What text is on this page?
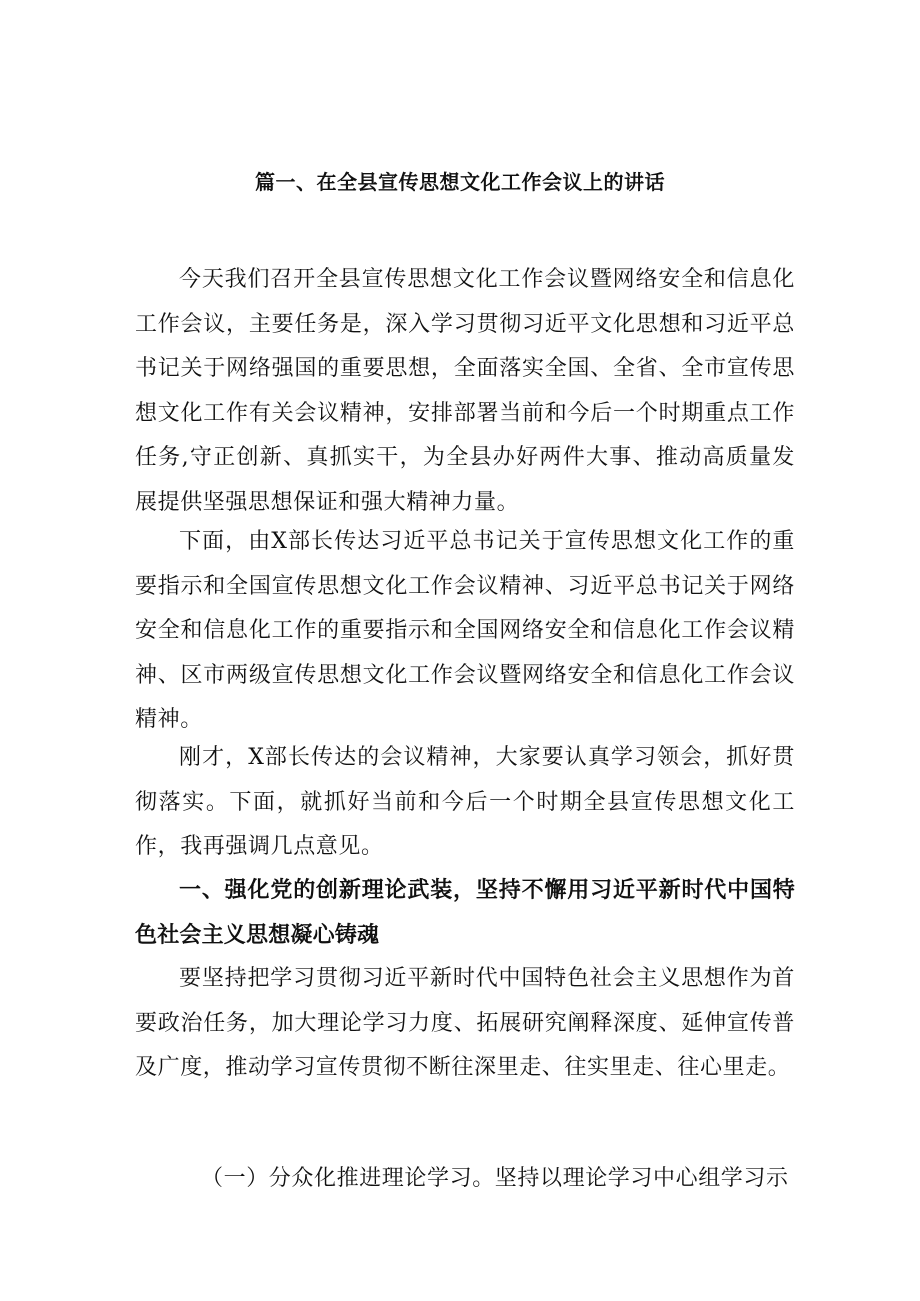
篇一、在全县宣传思想文化工作会议上的讲话

今天我们召开全县宣传思想文化工作会议暨网络安全和信息化工作会议，主要任务是，深入学习贯彻习近平文化思想和习近平总书记关于网络强国的重要思想，全面落实全国、全省、全市宣传思想文化工作有关会议精神，安排部署当前和今后一个时期重点工作任务,守正创新、真抓实干，为全县办好两件大事、推动高质量发展提供坚强思想保证和强大精神力量。

下面，由X部长传达习近平总书记关于宣传思想文化工作的重要指示和全国宣传思想文化工作会议精神、习近平总书记关于网络安全和信息化工作的重要指示和全国网络安全和信息化工作会议精神、区市两级宣传思想文化工作会议暨网络安全和信息化工作会议精神。

刚才，X部长传达的会议精神，大家要认真学习领会，抓好贯彻落实。下面，就抓好当前和今后一个时期全县宣传思想文化工作，我再强调几点意见。

一、强化党的创新理论武装，坚持不懈用习近平新时代中国特色社会主义思想凝心铸魂

要坚持把学习贯彻习近平新时代中国特色社会主义思想作为首要政治任务，加大理论学习力度、拓展研究阐释深度、延伸宣传普及广度，推动学习宣传贯彻不断往深里走、往实里走、往心里走。

（一）分众化推进理论学习。坚持以理论学习中心组学习示
